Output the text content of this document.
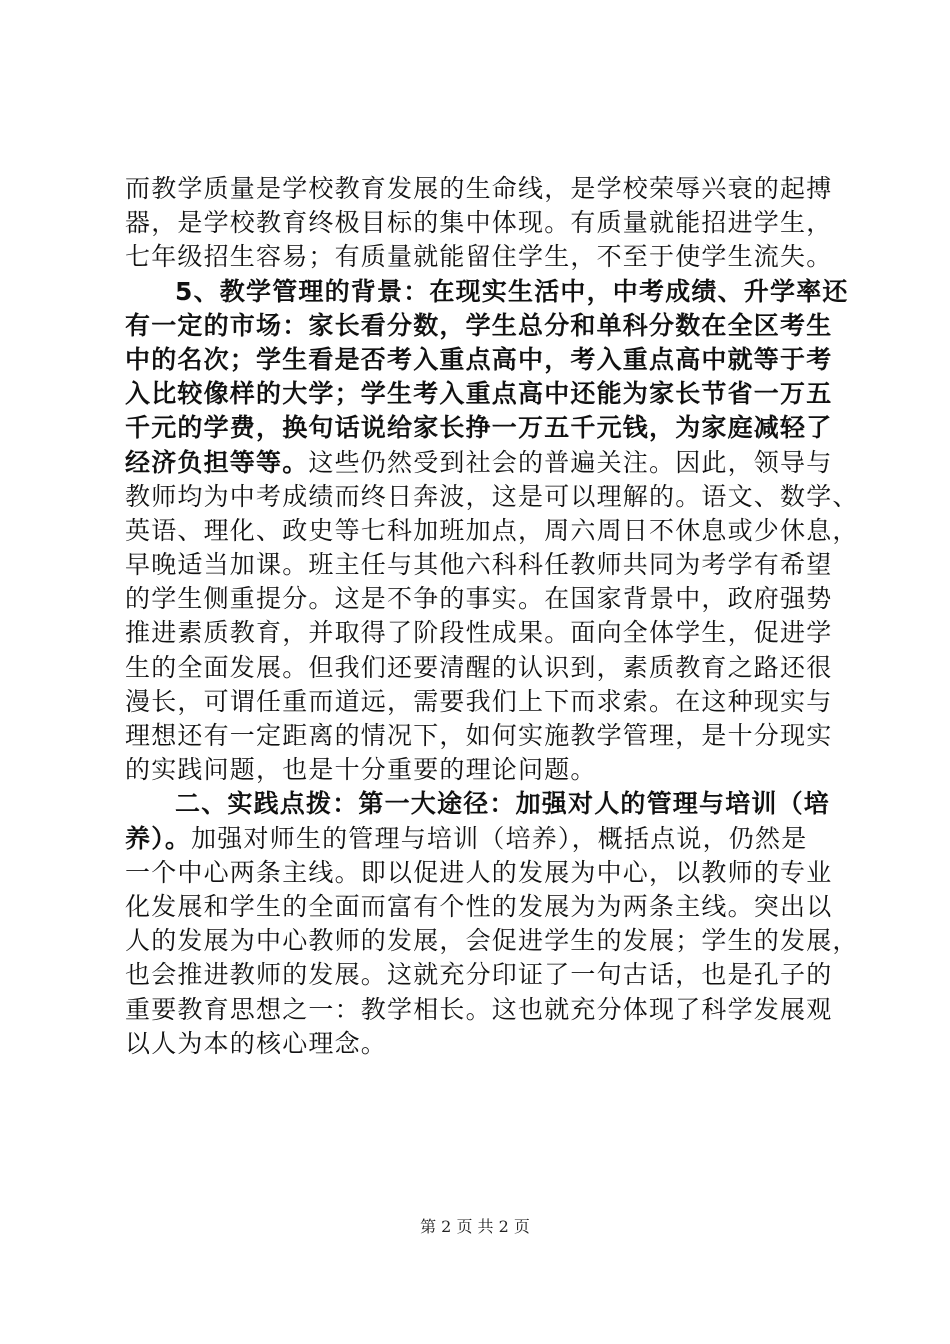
而教学质量是学校教育发展的生命线，是学校荣辱兴衰的起搏
器，是学校教育终极目标的集中体现。有质量就能招进学生，
七年级招生容易；有质量就能留住学生，不至于使学生流失。
5、教学管理的背景：在现实生活中，中考成绩、升学率还
有一定的市场：家长看分数，学生总分和单科分数在全区考生
中的名次；学生看是否考入重点高中，考入重点高中就等于考
入比较像样的大学；学生考入重点高中还能为家长节省一万五
千元的学费，换句话说给家长挣一万五千元钱，为家庭减轻了
经济负担等等。这些仍然受到社会的普遍关注。因此，领导与
教师均为中考成绩而终日奔波，这是可以理解的。语文、数学、
英语、理化、政史等七科加班加点，周六周日不休息或少休息，
早晚适当加课。班主任与其他六科科任教师共同为考学有希望
的学生侧重提分。这是不争的事实。在国家背景中，政府强势
推进素质教育，并取得了阶段性成果。面向全体学生，促进学
生的全面发展。但我们还要清醒的认识到，素质教育之路还很
漫长，可谓任重而道远，需要我们上下而求索。在这种现实与
理想还有一定距离的情况下，如何实施教学管理，是十分现实
的实践问题，也是十分重要的理论问题。
二、实践点拨：第一大途径：加强对人的管理与培训（培
养）。加强对师生的管理与培训（培养），概括点说，仍然是
一个中心两条主线。即以促进人的发展为中心，以教师的专业
化发展和学生的全面而富有个性的发展为为两条主线。突出以
人的发展为中心教师的发展，会促进学生的发展；学生的发展，
也会推进教师的发展。这就充分印证了一句古话，也是孔子的
重要教育思想之一：教学相长。这也就充分体现了科学发展观
以人为本的核心理念。
第 2 页 共 2 页
